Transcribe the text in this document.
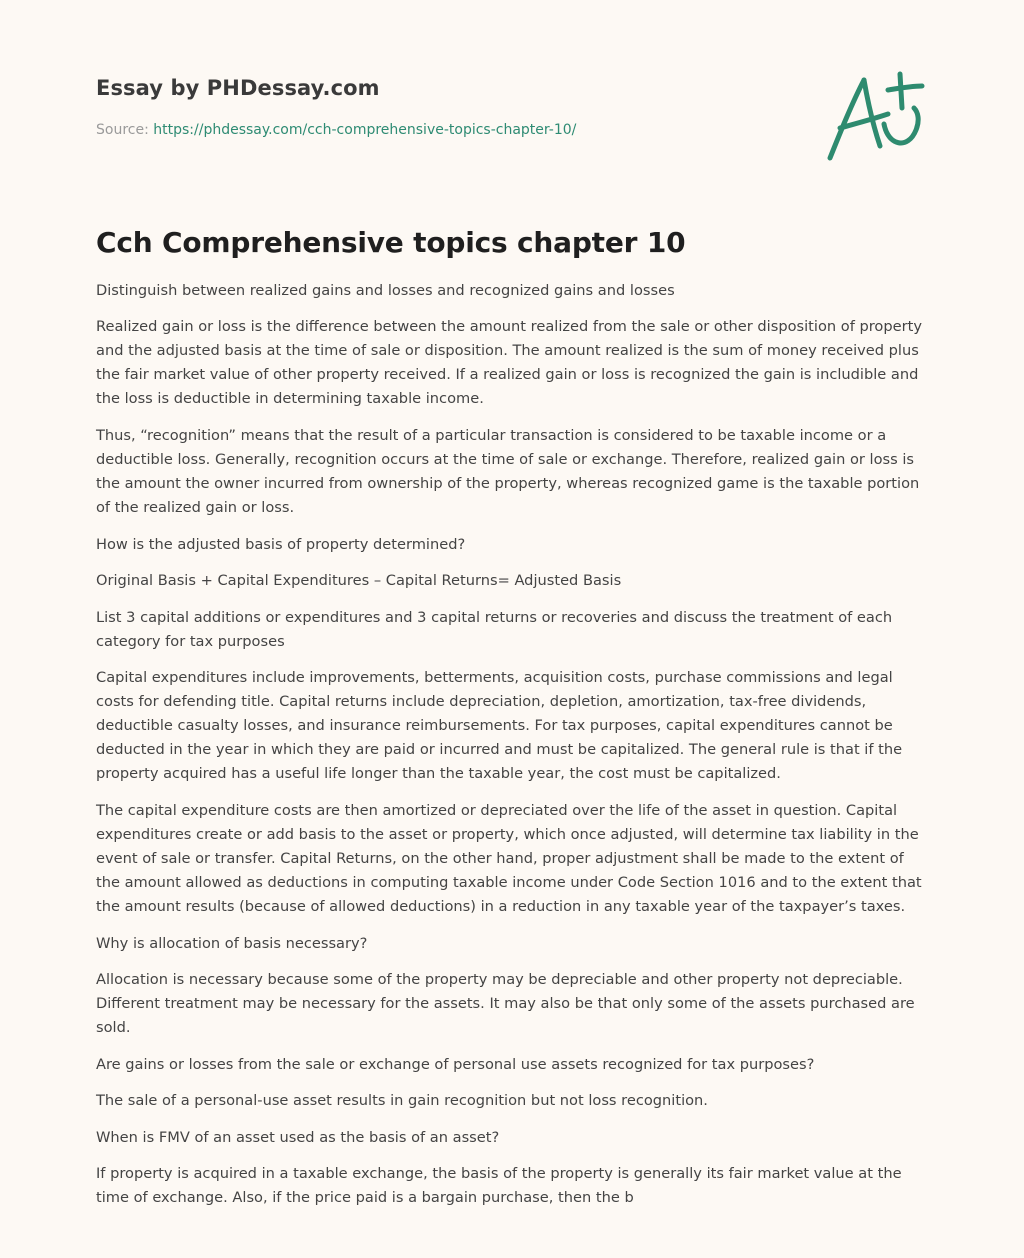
Essay by PHDessay.com
Source: https://phdessay.com/cch-comprehensive-topics-chapter-10/
Cch Comprehensive topics chapter 10

Distinguish between realized gains and losses and recognized gains and losses

Realized gain or loss is the difference between the amount realized from the sale or other disposition of property and the adjusted basis at the time of sale or disposition. The amount realized is the sum of money received plus the fair market value of other property received. If a realized gain or loss is recognized the gain is includible and the loss is deductible in determining taxable income.

Thus, “recognition” means that the result of a particular transaction is considered to be taxable income or a deductible loss. Generally, recognition occurs at the time of sale or exchange. Therefore, realized gain or loss is the amount the owner incurred from ownership of the property, whereas recognized game is the taxable portion of the realized gain or loss.

How is the adjusted basis of property determined?

Original Basis + Capital Expenditures – Capital Returns= Adjusted Basis

List 3 capital additions or expenditures and 3 capital returns or recoveries and discuss the treatment of each category for tax purposes

Capital expenditures include improvements, betterments, acquisition costs, purchase commissions and legal costs for defending title. Capital returns include depreciation, depletion, amortization, tax-free dividends, deductible casualty losses, and insurance reimbursements. For tax purposes, capital expenditures cannot be deducted in the year in which they are paid or incurred and must be capitalized. The general rule is that if the property acquired has a useful life longer than the taxable year, the cost must be capitalized.

The capital expenditure costs are then amortized or depreciated over the life of the asset in question. Capital expenditures create or add basis to the asset or property, which once adjusted, will determine tax liability in the event of sale or transfer. Capital Returns, on the other hand, proper adjustment shall be made to the extent of the amount allowed as deductions in computing taxable income under Code Section 1016 and to the extent that the amount results (because of allowed deductions) in a reduction in any taxable year of the taxpayer’s taxes.

Why is allocation of basis necessary?

Allocation is necessary because some of the property may be depreciable and other property not depreciable. Different treatment may be necessary for the assets. It may also be that only some of the assets purchased are sold.

Are gains or losses from the sale or exchange of personal use assets recognized for tax purposes?

The sale of a personal-use asset results in gain recognition but not loss recognition.

When is FMV of an asset used as the basis of an asset?

If property is acquired in a taxable exchange, the basis of the property is generally its fair market value at the time of exchange. Also, if the price paid is a bargain purchase, then the b
